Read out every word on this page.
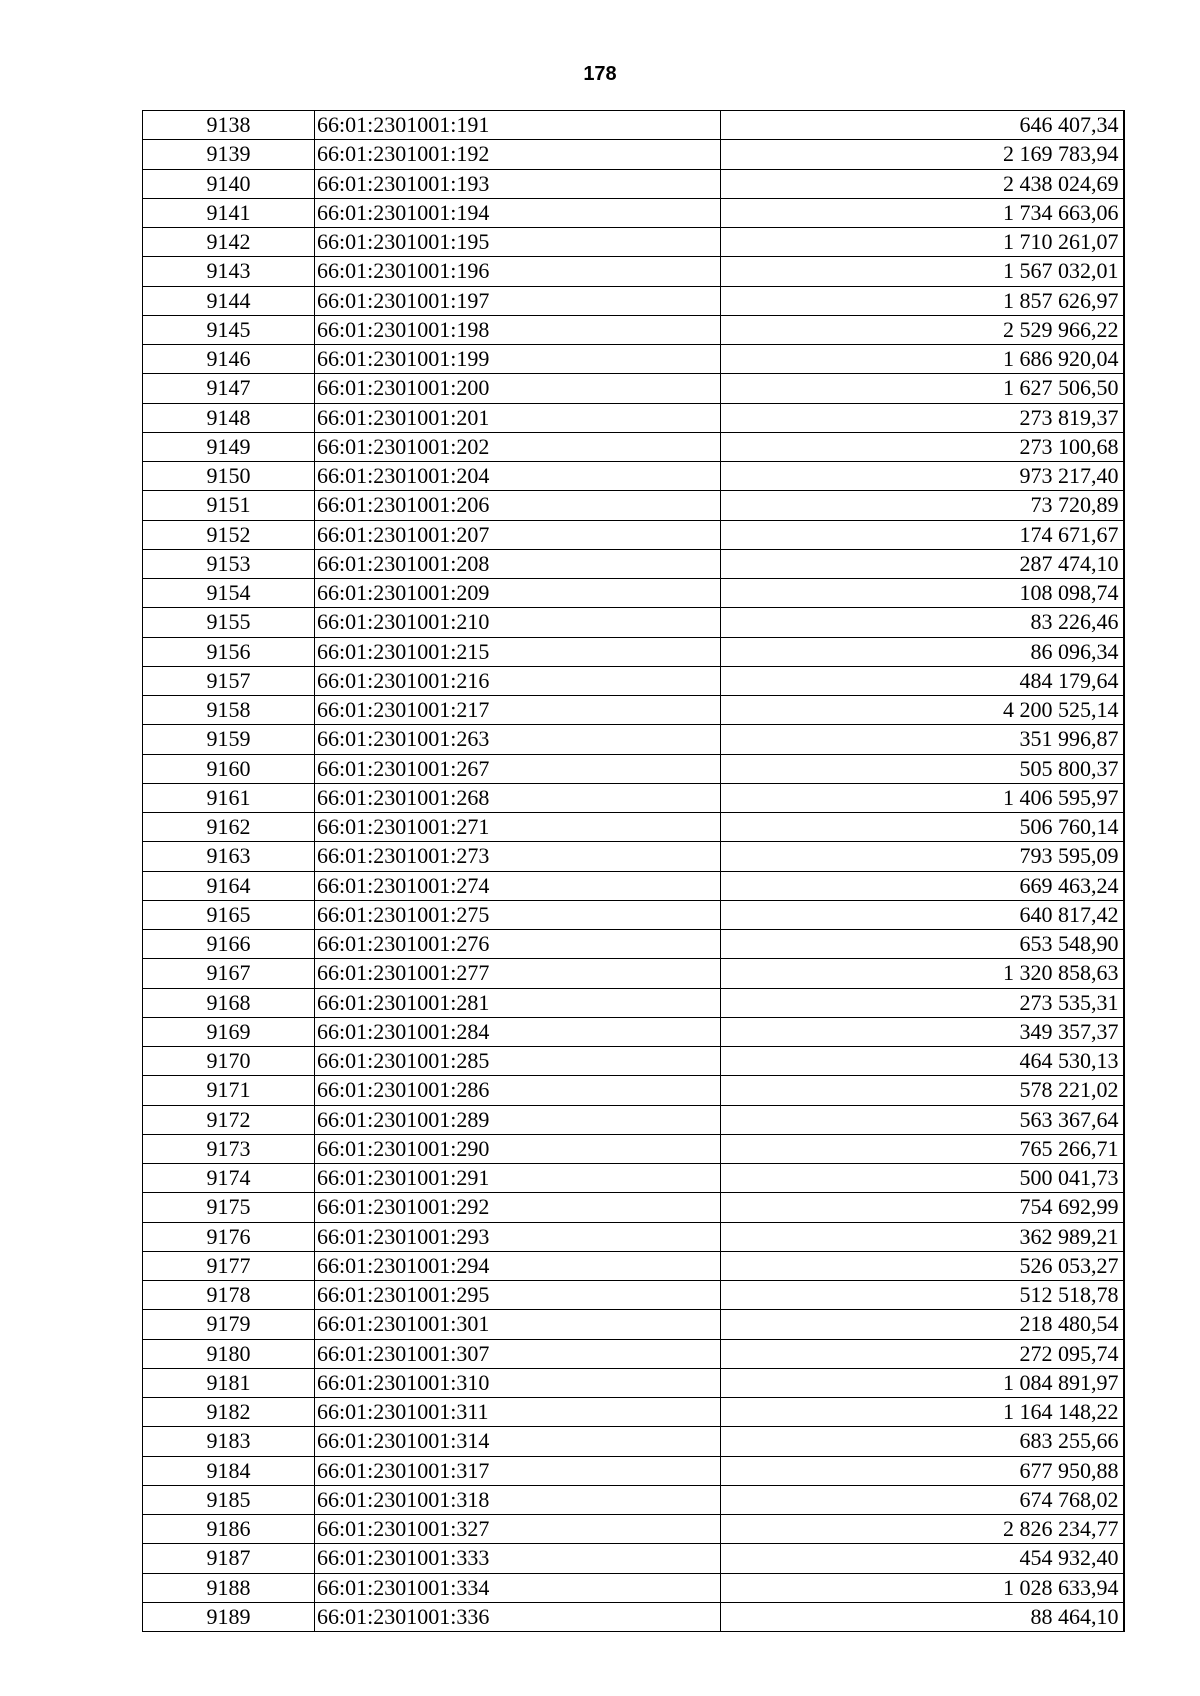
178
9138	66:01:2301001:191	646 407,34
9139	66:01:2301001:192	2 169 783,94
9140	66:01:2301001:193	2 438 024,69
9141	66:01:2301001:194	1 734 663,06
9142	66:01:2301001:195	1 710 261,07
9143	66:01:2301001:196	1 567 032,01
9144	66:01:2301001:197	1 857 626,97
9145	66:01:2301001:198	2 529 966,22
9146	66:01:2301001:199	1 686 920,04
9147	66:01:2301001:200	1 627 506,50
9148	66:01:2301001:201	273 819,37
9149	66:01:2301001:202	273 100,68
9150	66:01:2301001:204	973 217,40
9151	66:01:2301001:206	73 720,89
9152	66:01:2301001:207	174 671,67
9153	66:01:2301001:208	287 474,10
9154	66:01:2301001:209	108 098,74
9155	66:01:2301001:210	83 226,46
9156	66:01:2301001:215	86 096,34
9157	66:01:2301001:216	484 179,64
9158	66:01:2301001:217	4 200 525,14
9159	66:01:2301001:263	351 996,87
9160	66:01:2301001:267	505 800,37
9161	66:01:2301001:268	1 406 595,97
9162	66:01:2301001:271	506 760,14
9163	66:01:2301001:273	793 595,09
9164	66:01:2301001:274	669 463,24
9165	66:01:2301001:275	640 817,42
9166	66:01:2301001:276	653 548,90
9167	66:01:2301001:277	1 320 858,63
9168	66:01:2301001:281	273 535,31
9169	66:01:2301001:284	349 357,37
9170	66:01:2301001:285	464 530,13
9171	66:01:2301001:286	578 221,02
9172	66:01:2301001:289	563 367,64
9173	66:01:2301001:290	765 266,71
9174	66:01:2301001:291	500 041,73
9175	66:01:2301001:292	754 692,99
9176	66:01:2301001:293	362 989,21
9177	66:01:2301001:294	526 053,27
9178	66:01:2301001:295	512 518,78
9179	66:01:2301001:301	218 480,54
9180	66:01:2301001:307	272 095,74
9181	66:01:2301001:310	1 084 891,97
9182	66:01:2301001:311	1 164 148,22
9183	66:01:2301001:314	683 255,66
9184	66:01:2301001:317	677 950,88
9185	66:01:2301001:318	674 768,02
9186	66:01:2301001:327	2 826 234,77
9187	66:01:2301001:333	454 932,40
9188	66:01:2301001:334	1 028 633,94
9189	66:01:2301001:336	88 464,10
